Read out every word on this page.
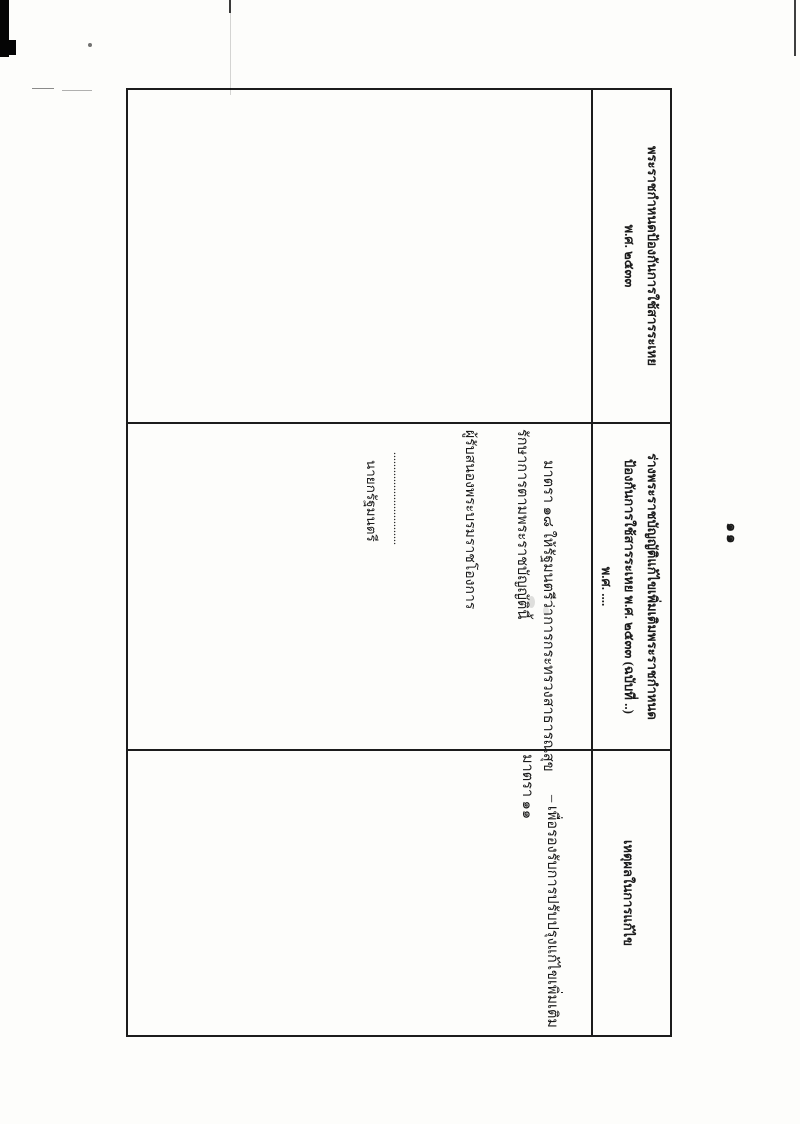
๑๑
พระราชกำหนดป้องกันการใช้สารระเหย
พ.ศ. ๒๕๓๓
ร่างพระราชบัญญัติแก้ไขเพิ่มเติมพระราชกำหนด
ป้องกันการใช้สารระเหย พ.ศ. ๒๕๓๓ (ฉบับที่ ..)
พ.ศ. ....
เหตุผลในการแก้ไข
มาตรา ๑๘ ให้รัฐมนตรีว่าการกระทรวงสาธารณสุข
รักษาการตามพระราชบัญญัตินี้
ผู้รับสนองพระบรมราชโองการ
...............................
นายกรัฐมนตรี
– เพื่อรองรับการปรับปรุงแก้ไขเพิ่มเติม
มาตรา ๑๑
